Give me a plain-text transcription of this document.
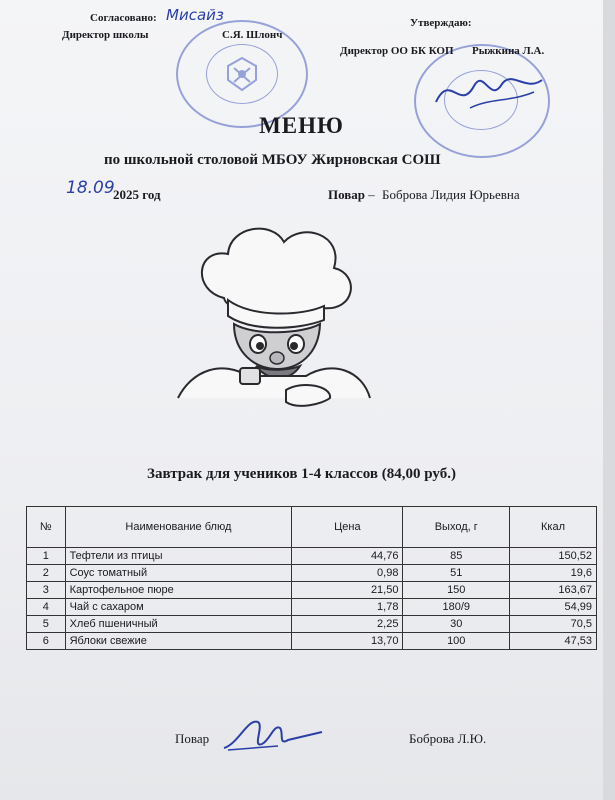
Согласовано: Мисайз
Директор школы	С.Я. Шлонч
Утверждаю:
Директор ОО БК КОП Рыжкина Л.А.
МЕНЮ
по школьной столовой МБОУ Жирновская СОШ
18.09
2025 год	Повар – Боброва Лидия Юрьевна
Завтрак для учеников 1-4 классов (84,00 руб.)
№	Наименование блюд	Цена	Выход, г	Ккал
1	Тефтели из птицы	44,76	85	150,52
2	Соус томатный	0,98	51	19,6
3	Картофельное пюре	21,50	150	163,67
4	Чай с сахаром	1,78	180/9	54,99
5	Хлеб пшеничный	2,25	30	70,5
6	Яблоки свежие	13,70	100	47,53
Повар	Боброва Л.Ю.
